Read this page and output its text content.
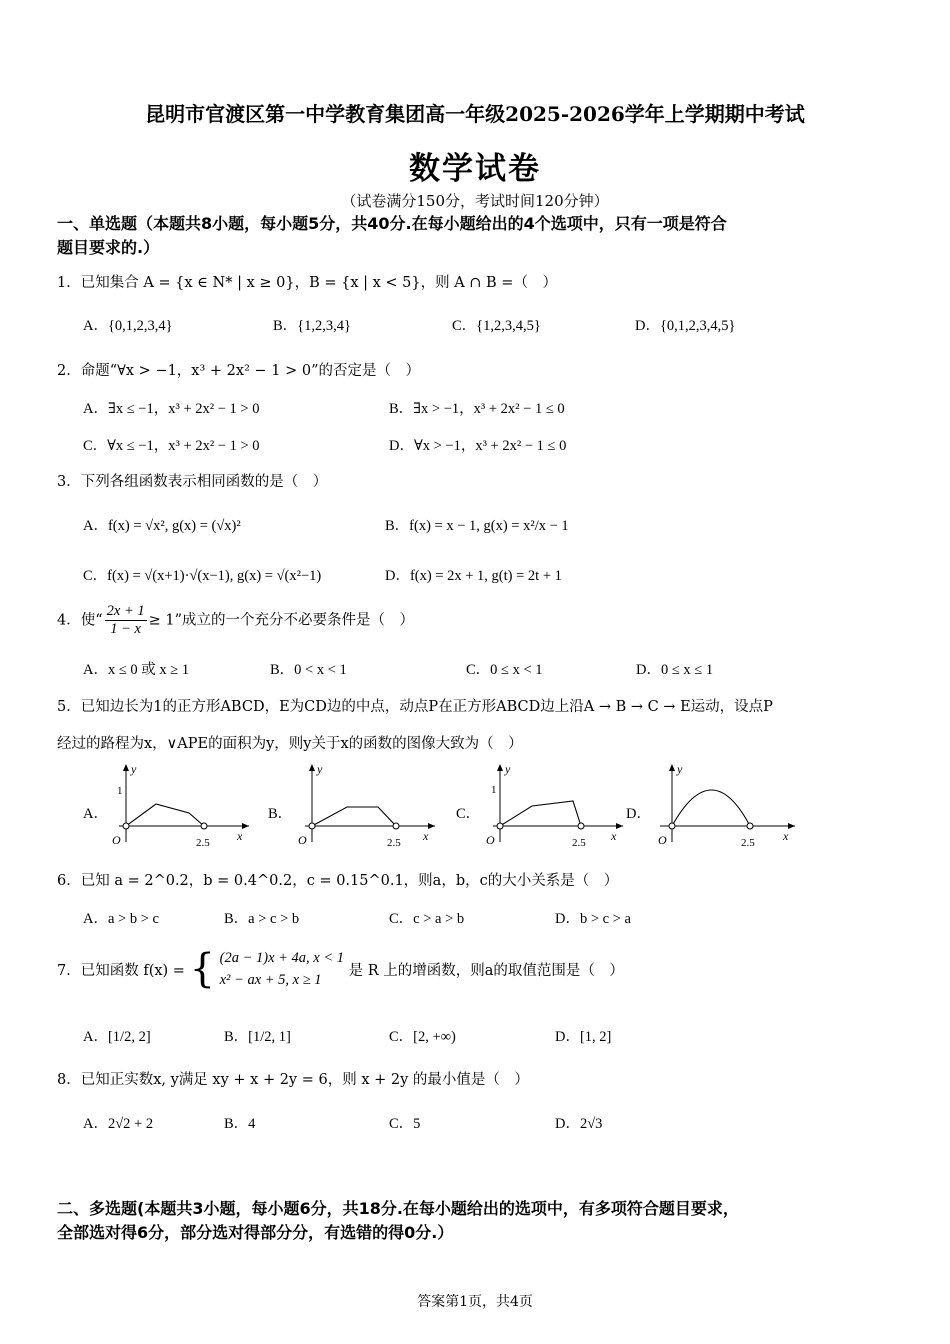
昆明市官渡区第一中学教育集团高一年级2025-2026学年上学期期中考试
数学试卷
（试卷满分150分，考试时间120分钟）
一、单选题（本题共8小题，每小题5分，共40分.在每小题给出的4个选项中，只有一项是符合
题目要求的.）
1．已知集合 A = {x ∈ N* | x ≥ 0}，B = {x | x < 5}，则 A ∩ B =（　）
A．{0,1,2,3,4}	B．{1,2,3,4}	C．{1,2,3,4,5}	D．{0,1,2,3,4,5}
2．命题“∀x > −1，x³ + 2x² − 1 > 0”的否定是（　）
A．∃x ≤ −1，x³ + 2x² − 1 > 0	B．∃x > −1，x³ + 2x² − 1 ≤ 0
C．∀x ≤ −1，x³ + 2x² − 1 > 0	D．∀x > −1，x³ + 2x² − 1 ≤ 0
3．下列各组函数表示相同函数的是（　）
A．f(x) = √x², g(x) = (√x)²	B．f(x) = x − 1, g(x) = x²/x − 1
C．f(x) = √(x+1)·√(x−1), g(x) = √(x²−1)	D．f(x) = 2x + 1, g(t) = 2t + 1
4．使“ $\frac{2x + 1}{1 - x} \ge 1$”成立的一个充分不必要条件是（　）
A．x ≤ 0 或 x ≥ 1	B．0 < x < 1	C．0 ≤ x < 1	D．0 ≤ x ≤ 1
5．已知边长为1的正方形ABCD，E为CD边的中点，动点P在正方形ABCD边上沿A → B → C → E运动，设点P
经过的路程为x，∨APE的面积为y，则y关于x的函数的图像大致为（　）
A．	B．	C．	D．
y
1
O	2.5 x
y
O	2.5 x
y
1
O	2.5 x
y
O	2.5 x
6．已知 a = 2^0.2，b = 0.4^0.2，c = 0.15^0.1，则a，b，c的大小关系是（　）
A．a > b > c	B．a > c > b	C．c > a > b	D．b > c > a
7．已知函数 f(x) = { (2a − 1)x + 4a, x < 1
x² − ax + 5, x ≥ 1
是 R 上的增函数，则a的取值范围是（　）
A．[1/2, 2]	B．[1/2, 1]	C．[2, +∞)	D．[1, 2]
8．已知正实数x, y满足 xy + x + 2y = 6，则 x + 2y 的最小值是（　）
A．2√2 + 2	B．4	C．5	D．2√3
二、多选题(本题共3小题，每小题6分，共18分.在每小题给出的选项中，有多项符合题目要求，
全部选对得6分，部分选对得部分分，有选错的得0分.）
答案第1页，共4页
